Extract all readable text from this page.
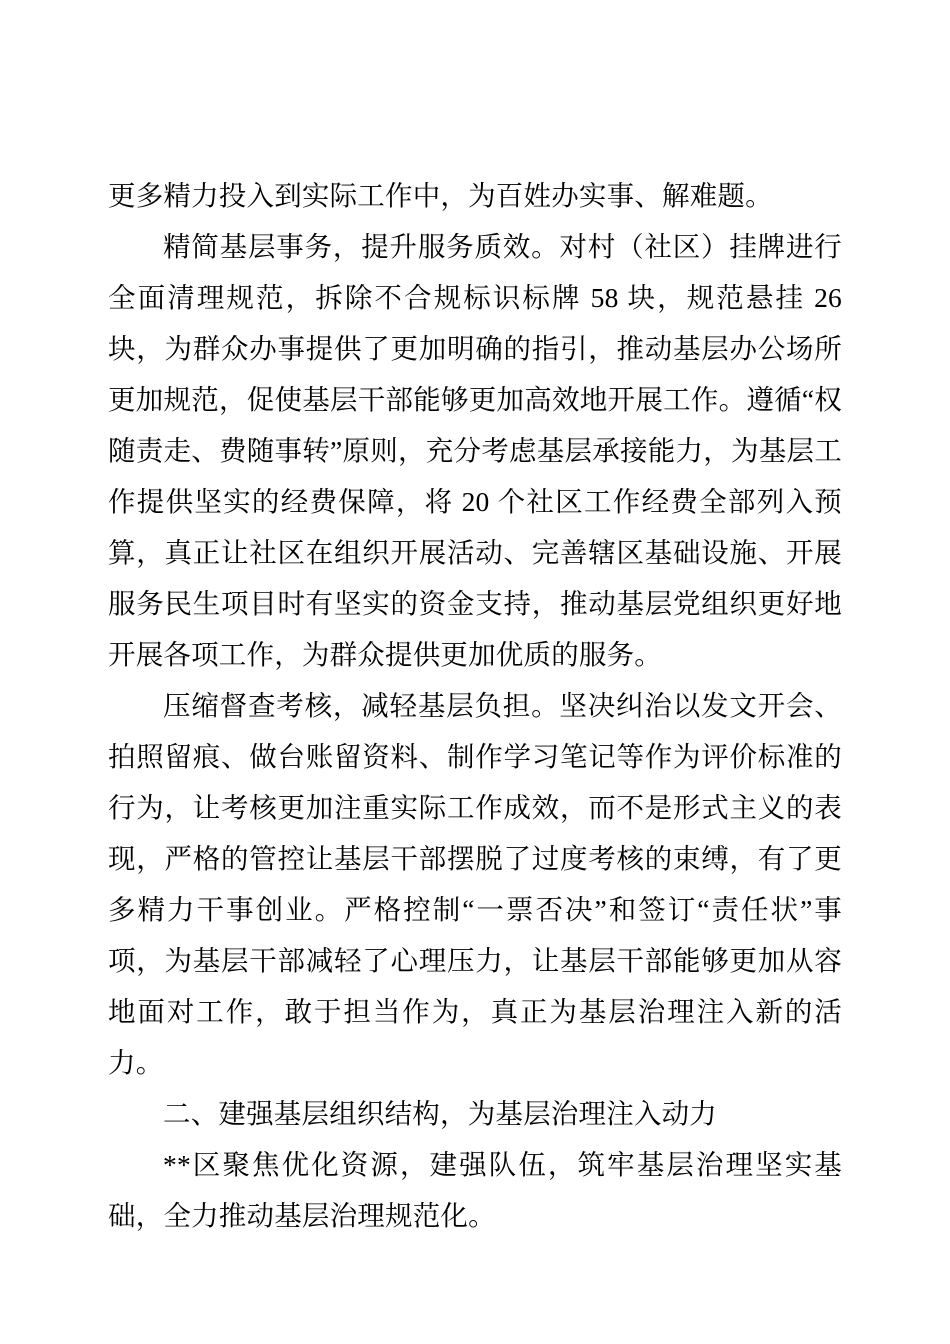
更多精力投入到实际工作中，为百姓办实事、解难题。

精简基层事务，提升服务质效。对村（社区）挂牌进行全面清理规范，拆除不合规标识标牌 58 块，规范悬挂 26 块，为群众办事提供了更加明确的指引，推动基层办公场所更加规范，促使基层干部能够更加高效地开展工作。遵循“权随责走、费随事转”原则，充分考虑基层承接能力，为基层工作提供坚实的经费保障，将 20 个社区工作经费全部列入预算，真正让社区在组织开展活动、完善辖区基础设施、开展服务民生项目时有坚实的资金支持，推动基层党组织更好地开展各项工作，为群众提供更加优质的服务。

压缩督查考核，减轻基层负担。坚决纠治以发文开会、拍照留痕、做台账留资料、制作学习笔记等作为评价标准的行为，让考核更加注重实际工作成效，而不是形式主义的表现，严格的管控让基层干部摆脱了过度考核的束缚，有了更多精力干事创业。严格控制“一票否决”和签订“责任状”事项，为基层干部减轻了心理压力，让基层干部能够更加从容地面对工作，敢于担当作为，真正为基层治理注入新的活力。

二、建强基层组织结构，为基层治理注入动力

**区聚焦优化资源，建强队伍，筑牢基层治理坚实基础，全力推动基层治理规范化。
